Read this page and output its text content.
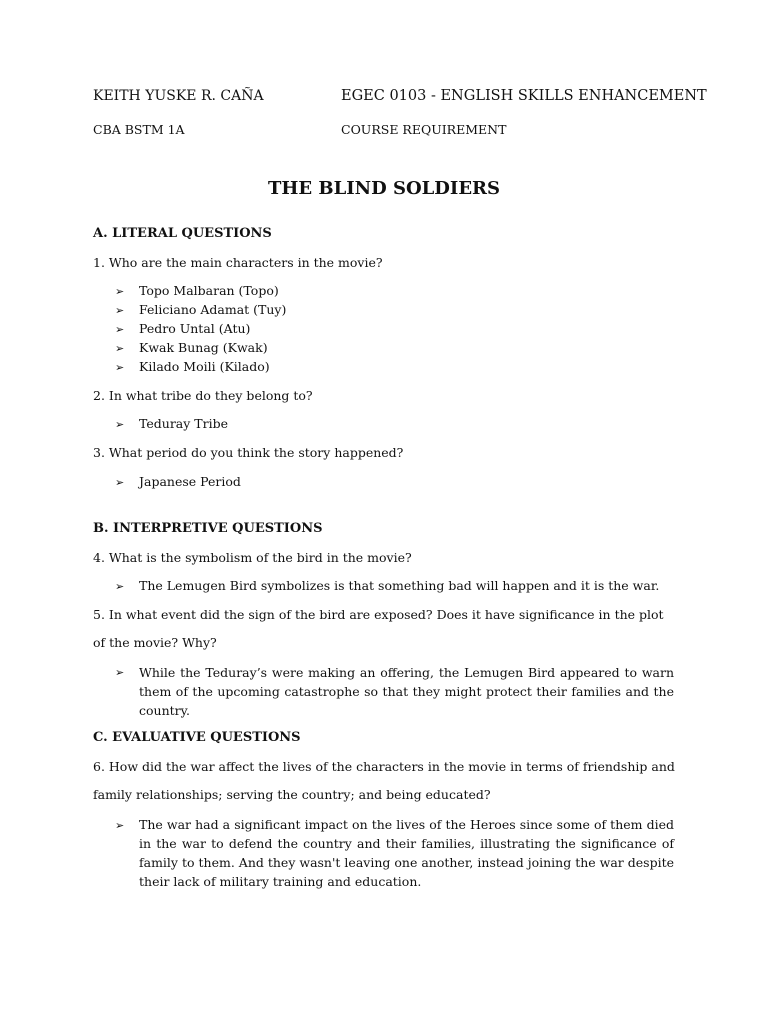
KEITH YUSKE R. CAÑA	EGEC 0103 - ENGLISH SKILLS ENHANCEMENT
CBA BSTM 1A	COURSE REQUIREMENT
THE BLIND SOLDIERS
A. LITERAL QUESTIONS
1. Who are the main characters in the movie?
➢ Topo Malbaran (Topo)
➢ Feliciano Adamat (Tuy)
➢ Pedro Untal (Atu)
➢ Kwak Bunag (Kwak)
➢ Kilado Moili (Kilado)
2. In what tribe do they belong to?
➢ Teduray Tribe
3. What period do you think the story happened?
➢ Japanese Period
B. INTERPRETIVE QUESTIONS
4. What is the symbolism of the bird in the movie?
➢ The Lemugen Bird symbolizes is that something bad will happen and it is the war.
5. In what event did the sign of the bird are exposed? Does it have significance in the plot
of the movie? Why?
➢ While the Teduray’s were making an offering, the Lemugen Bird appeared to warn them of the upcoming catastrophe so that they might protect their families and the country.
C. EVALUATIVE QUESTIONS
6. How did the war affect the lives of the characters in the movie in terms of friendship and
family relationships; serving the country; and being educated?
➢ The war had a significant impact on the lives of the Heroes since some of them died in the war to defend the country and their families, illustrating the significance of family to them. And they wasn't leaving one another, instead joining the war despite their lack of military training and education.
